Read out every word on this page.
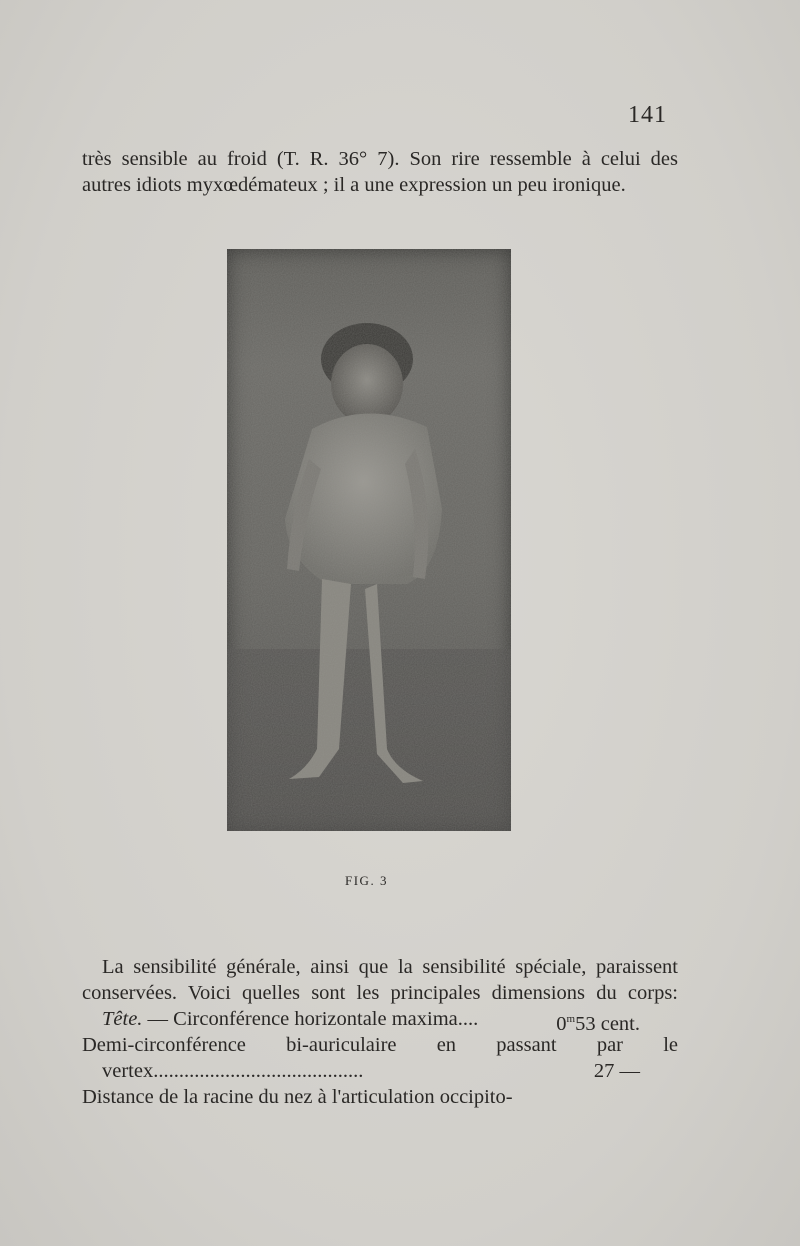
141
très sensible au froid (T. R. 36° 7). Son rire ressemble à celui des
autres idiots myxœdémateux ; il a une expression un peu ironique.
FIG. 3
La sensibilité générale, ainsi que la sensibilité spéciale, paraissent
conservées. Voici quelles sont les principales dimensions du corps:
Tête. — Circonférence horizontale maxima....	0$^m$53 cent.
Demi-circonférence bi-auriculaire en passant par le
vertex.........................................	27 —
Distance de la racine du nez à l'articulation occipito-
